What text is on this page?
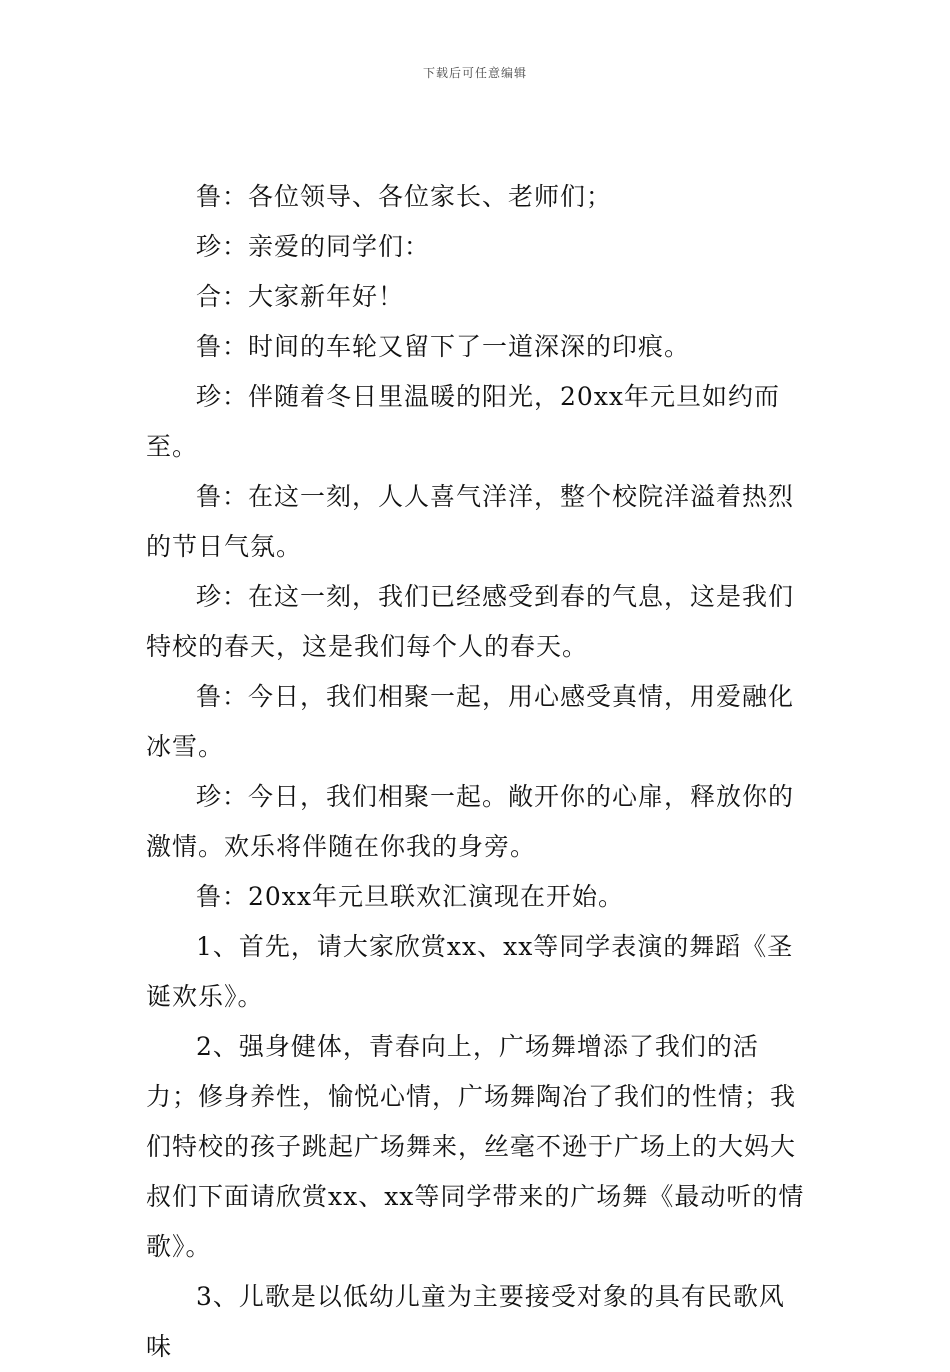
下载后可任意编辑

鲁：各位领导、各位家长、老师们；

珍：亲爱的同学们：

合：大家新年好！

鲁：时间的车轮又留下了一道深深的印痕。

珍：伴随着冬日里温暖的阳光，20xx年元旦如约而至。

鲁：在这一刻，人人喜气洋洋，整个校院洋溢着热烈的节日气氛。

珍：在这一刻，我们已经感受到春的气息，这是我们特校的春天，这是我们每个人的春天。

鲁：今日，我们相聚一起，用心感受真情，用爱融化冰雪。

珍：今日，我们相聚一起。敞开你的心扉，释放你的激情。欢乐将伴随在你我的身旁。

鲁：20xx年元旦联欢汇演现在开始。

1、首先，请大家欣赏xx、xx等同学表演的舞蹈《圣诞欢乐》。

2、强身健体，青春向上，广场舞增添了我们的活力；修身养性，愉悦心情，广场舞陶冶了我们的性情；我们特校的孩子跳起广场舞来，丝毫不逊于广场上的大妈大叔们下面请欣赏xx、xx等同学带来的广场舞《最动听的情歌》。

3、儿歌是以低幼儿童为主要接受对象的具有民歌风味
